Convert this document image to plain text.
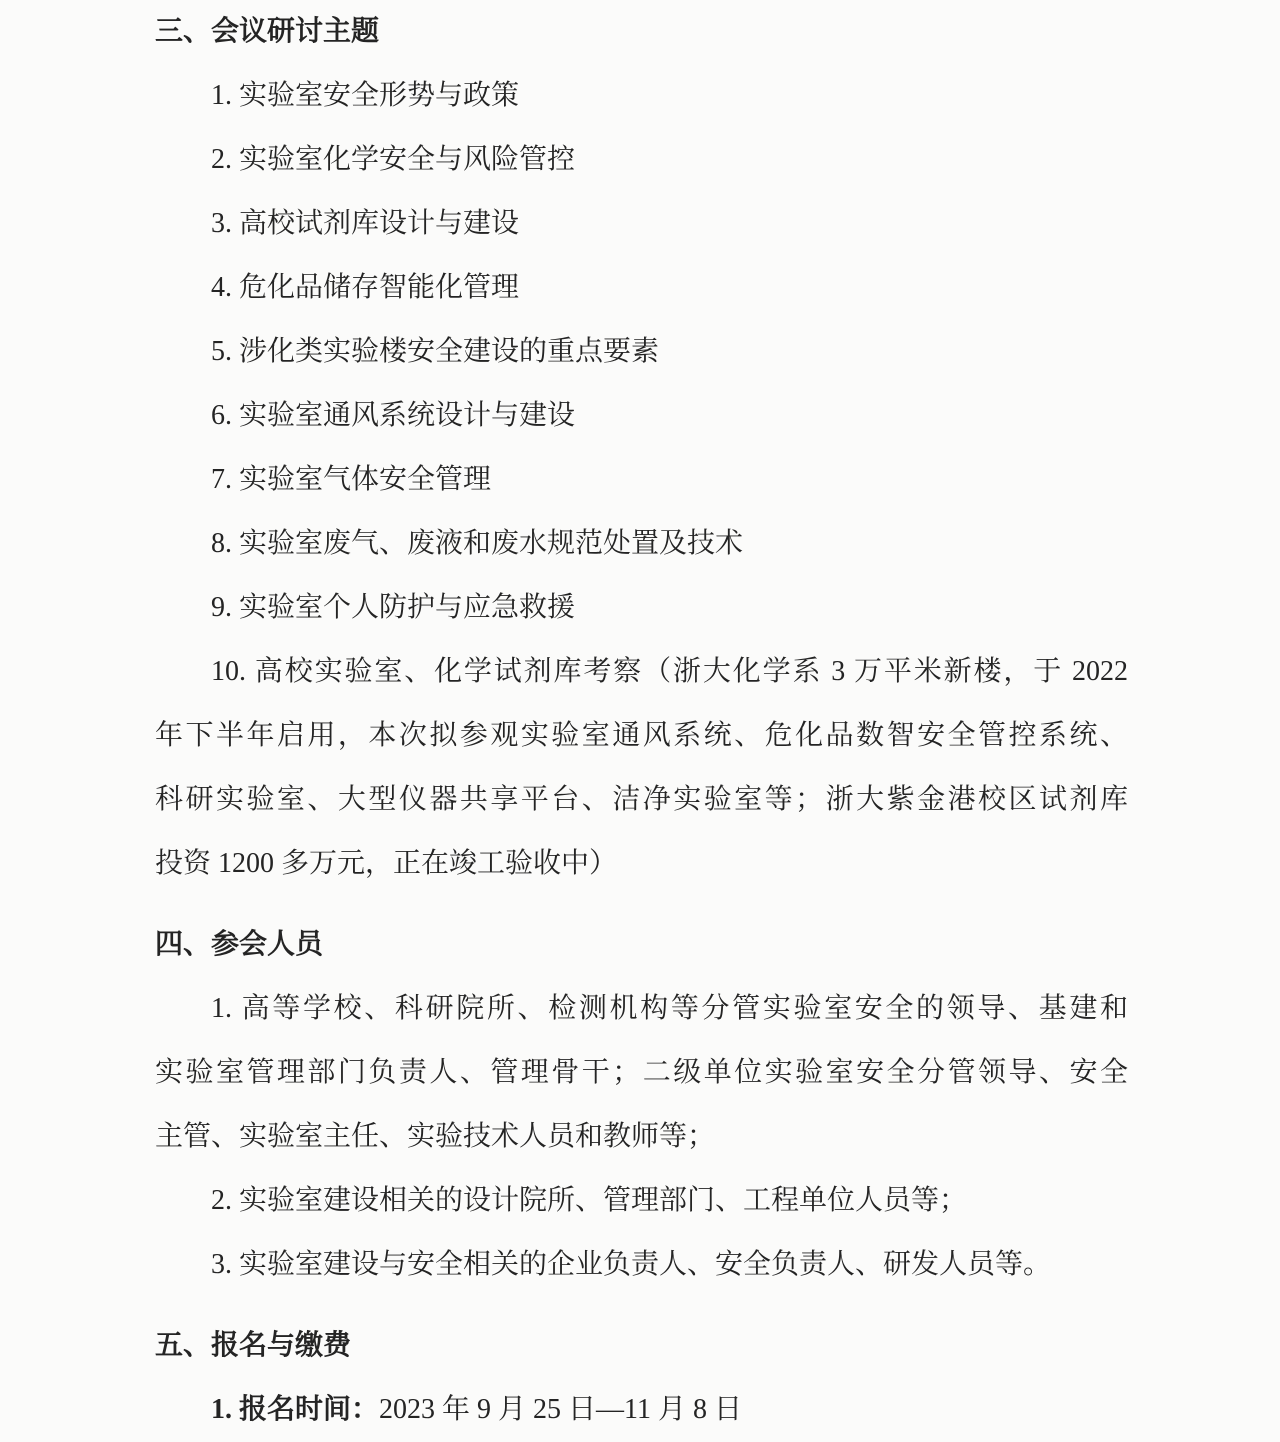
三、会议研讨主题

1. 实验室安全形势与政策

2. 实验室化学安全与风险管控

3. 高校试剂库设计与建设

4. 危化品储存智能化管理

5. 涉化类实验楼安全建设的重点要素

6. 实验室通风系统设计与建设

7. 实验室气体安全管理

8. 实验室废气、废液和废水规范处置及技术

9. 实验室个人防护与应急救援

10. 高校实验室、化学试剂库考察（浙大化学系 3 万平米新楼，于 2022

年下半年启用，本次拟参观实验室通风系统、危化品数智安全管控系统、

科研实验室、大型仪器共享平台、洁净实验室等；浙大紫金港校区试剂库

投资 1200 多万元，正在竣工验收中）

四、参会人员

1. 高等学校、科研院所、检测机构等分管实验室安全的领导、基建和

实验室管理部门负责人、管理骨干；二级单位实验室安全分管领导、安全

主管、实验室主任、实验技术人员和教师等；

2. 实验室建设相关的设计院所、管理部门、工程单位人员等；

3. 实验室建设与安全相关的企业负责人、安全负责人、研发人员等。

五、报名与缴费

1. 报名时间：2023 年 9 月 25 日—11 月 8 日
